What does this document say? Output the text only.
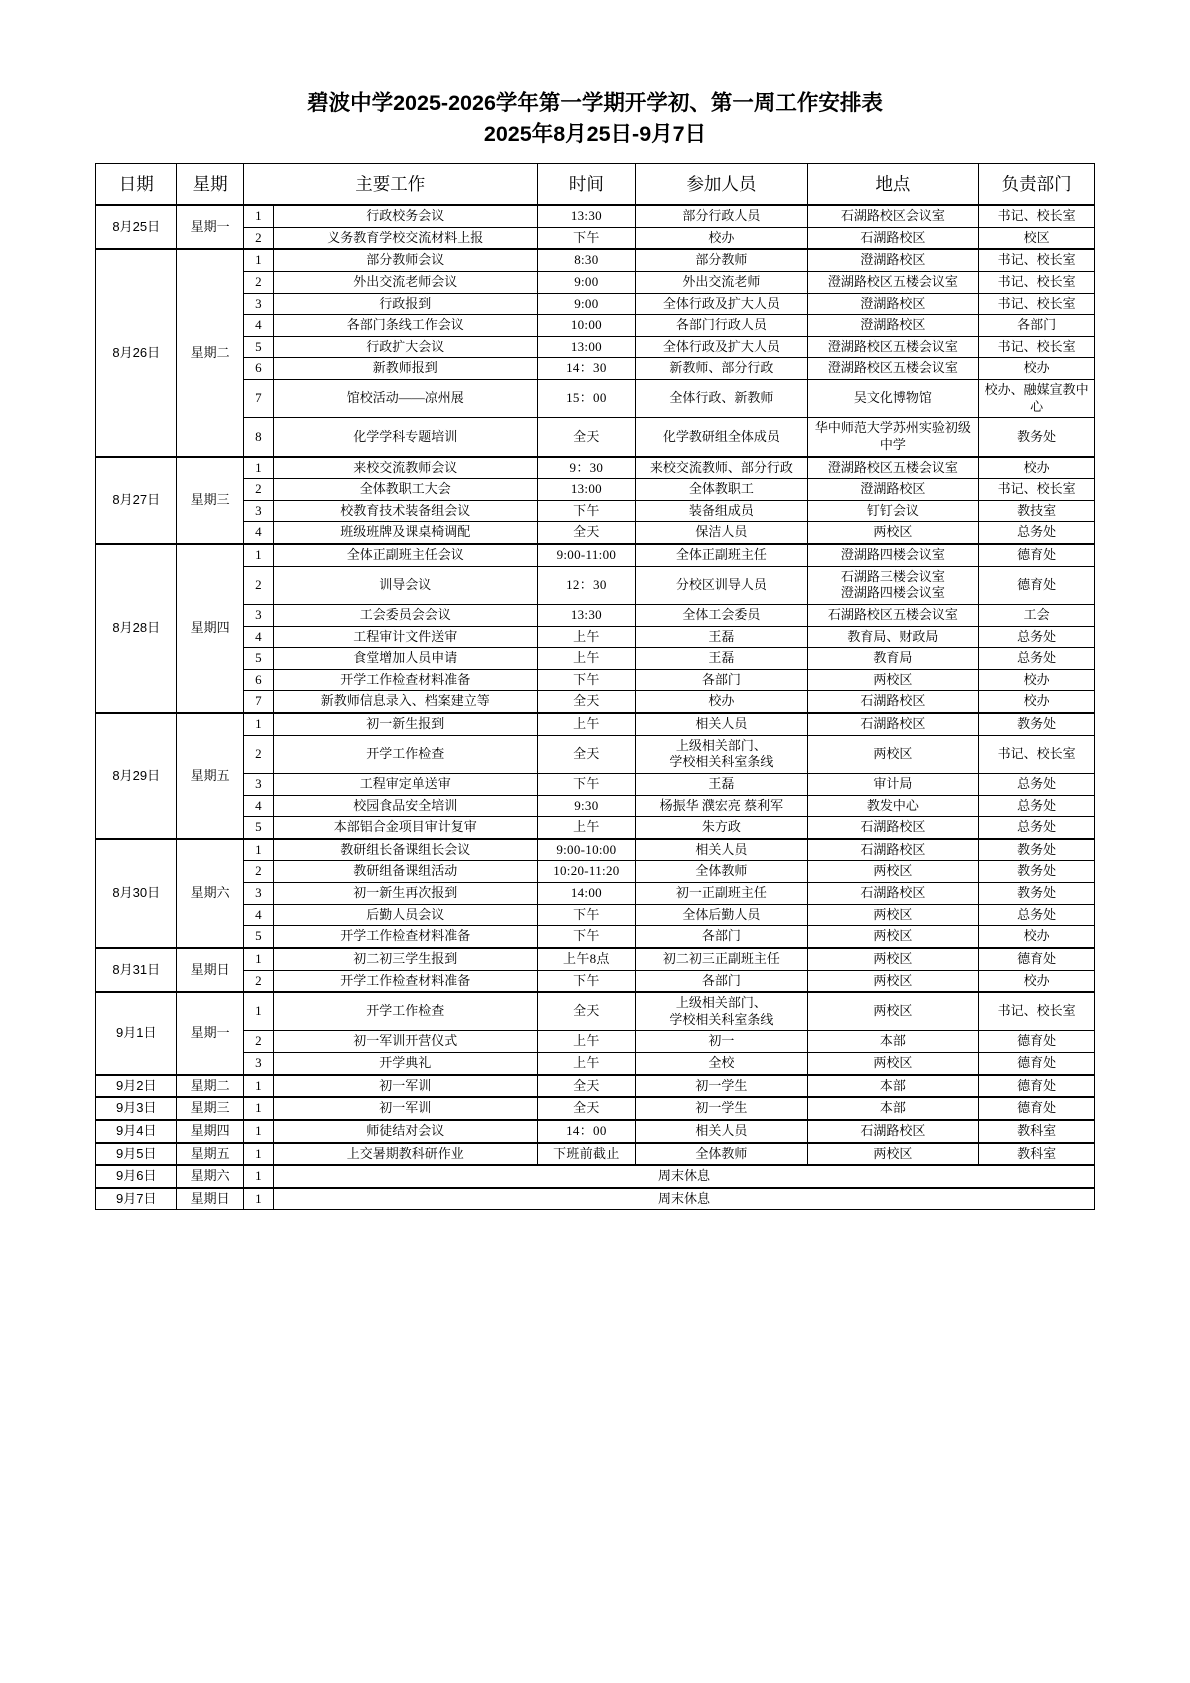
碧波中学2025-2026学年第一学期开学初、第一周工作安排表
2025年8月25日-9月7日
日期	星期	主要工作		时间	参加人员	地点	负责部门
8月25日	星期一	1	行政校务会议	13:30	部分行政人员	石湖路校区会议室	书记、校长室
		2	义务教育学校交流材料上报	下午	校办	石湖路校区	校区
8月26日	星期二	1	部分教师会议	8:30	部分教师	澄湖路校区	书记、校长室
		2	外出交流老师会议	9:00	外出交流老师	澄湖路校区五楼会议室	书记、校长室
		3	行政报到	9:00	全体行政及扩大人员	澄湖路校区	书记、校长室
		4	各部门条线工作会议	10:00	各部门行政人员	澄湖路校区	各部门
		5	行政扩大会议	13:00	全体行政及扩大人员	澄湖路校区五楼会议室	书记、校长室
		6	新教师报到	14：30	新教师、部分行政	澄湖路校区五楼会议室	校办
		7	馆校活动——凉州展	15：00	全体行政、新教师	吴文化博物馆	校办、融媒宣教中心
		8	化学学科专题培训	全天	化学教研组全体成员	华中师范大学苏州实验初级中学	教务处
8月27日	星期三	1	来校交流教师会议	9：30	来校交流教师、部分行政	澄湖路校区五楼会议室	校办
		2	全体教职工大会	13:00	全体教职工	澄湖路校区	书记、校长室
		3	校教育技术装备组会议	下午	装备组成员	钉钉会议	教技室
		4	班级班牌及课桌椅调配	全天	保洁人员	两校区	总务处
8月28日	星期四	1	全体正副班主任会议	9:00-11:00	全体正副班主任	澄湖路四楼会议室	德育处
		2	训导会议	12：30	分校区训导人员	石湖路三楼会议室
澄湖路四楼会议室	德育处
		3	工会委员会会议	13:30	全体工会委员	石湖路校区五楼会议室	工会
		4	工程审计文件送审	上午	王磊	教育局、财政局	总务处
		5	食堂增加人员申请	上午	王磊	教育局	总务处
		6	开学工作检查材料准备	下午	各部门	两校区	校办
		7	新教师信息录入、档案建立等	全天	校办	石湖路校区	校办
8月29日	星期五	1	初一新生报到	上午	相关人员	石湖路校区	教务处
		2	开学工作检查	全天	上级相关部门、
学校相关科室条线	两校区	书记、校长室
		3	工程审定单送审	下午	王磊	审计局	总务处
		4	校园食品安全培训	9:30	杨振华 濮宏亮 蔡利军	教发中心	总务处
		5	本部铝合金项目审计复审	上午	朱方政	石湖路校区	总务处
8月30日	星期六	1	教研组长备课组长会议	9:00-10:00	相关人员	石湖路校区	教务处
		2	教研组备课组活动	10:20-11:20	全体教师	两校区	教务处
		3	初一新生再次报到	14:00	初一正副班主任	石湖路校区	教务处
		4	后勤人员会议	下午	全体后勤人员	两校区	总务处
		5	开学工作检查材料准备	下午	各部门	两校区	校办
8月31日	星期日	1	初二初三学生报到	上午8点	初二初三正副班主任	两校区	德育处
		2	开学工作检查材料准备	下午	各部门	两校区	校办
9月1日	星期一	1	开学工作检查	全天	上级相关部门、
学校相关科室条线	两校区	书记、校长室
		2	初一军训开营仪式	上午	初一	本部	德育处
		3	开学典礼	上午	全校	两校区	德育处
9月2日	星期二	1	初一军训	全天	初一学生	本部	德育处
9月3日	星期三	1	初一军训	全天	初一学生	本部	德育处
9月4日	星期四	1	师徒结对会议	14：00	相关人员	石湖路校区	教科室
9月5日	星期五	1	上交暑期教科研作业	下班前截止	全体教师	两校区	教科室
9月6日	星期六	1	周末休息				
9月7日	星期日	1	周末休息				
